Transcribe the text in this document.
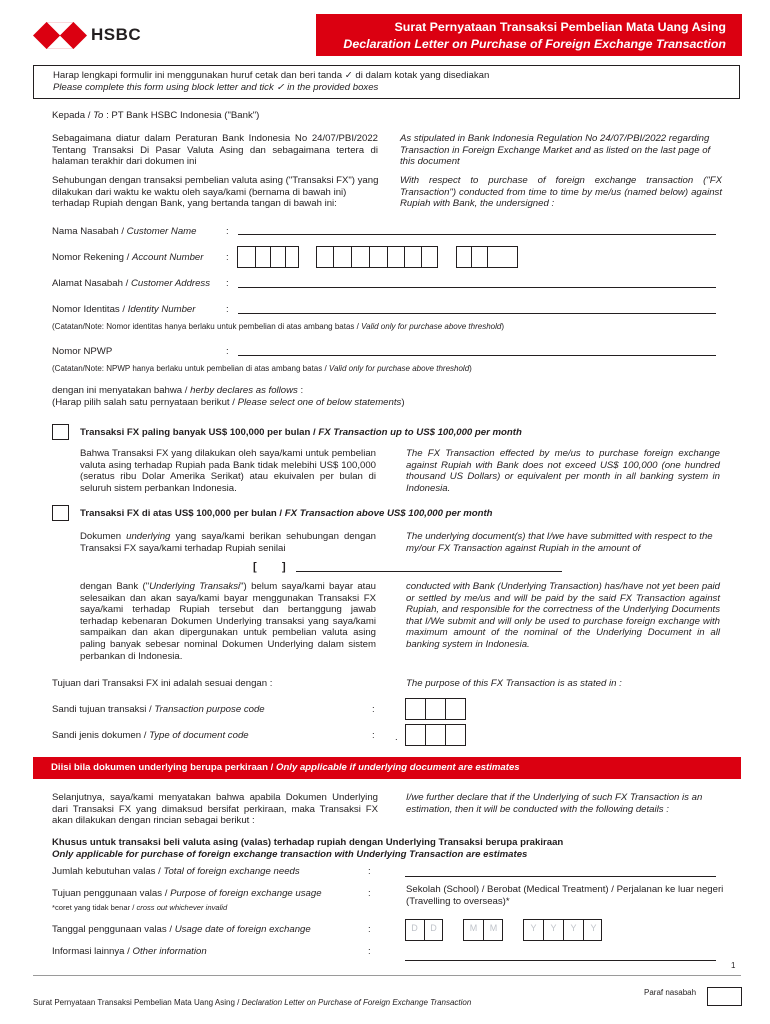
HSBC	Surat Pernyataan Transaksi Pembelian Mata Uang Asing
Declaration Letter on Purchase of Foreign Exchange Transaction
Harap lengkapi formulir ini menggunakan huruf cetak dan beri tanda ✓ di dalam kotak yang disediakan
Please complete this form using block letter and tick ✓ in the provided boxes
Kepada / To : PT Bank HSBC Indonesia ("Bank")
Sebagaimana diatur dalam Peraturan Bank Indonesia No 24/07/PBI/2022 Tentang Transaksi Di Pasar Valuta Asing dan sebagaimana tertera di halaman terakhir dari dokumen ini
As stipulated in Bank Indonesia Regulation No 24/07/PBI/2022 regarding Transaction in Foreign Exchange Market and as listed on the last page of this document
Sehubungan dengan transaksi pembelian valuta asing ("Transaksi FX") yang dilakukan dari waktu ke waktu oleh saya/kami (bernama di bawah ini) terhadap Rupiah dengan Bank, yang bertanda tangan di bawah ini:
With respect to purchase of foreign exchange transaction ("FX Transaction") conducted from time to time by me/us (named below) against Rupiah with Bank, the undersigned :
Nama Nasabah / Customer Name	:
Nomor Rekening / Account Number :
Alamat Nasabah / Customer Address :
Nomor Identitas / Identity Number	:
(Catatan/Note: Nomor identitas hanya berlaku untuk pembelian di atas ambang batas / Valid only for purchase above threshold)
Nomor NPWP	:
(Catatan/Note: NPWP hanya berlaku untuk pembelian di atas ambang batas / Valid only for purchase above threshold)
dengan ini menyatakan bahwa / herby declares as follows :
(Harap pilih salah satu pernyataan berikut / Please select one of below statements)
Transaksi FX paling banyak US$ 100,000 per bulan / FX Transaction up to US$ 100,000 per month
Bahwa Transaksi FX yang dilakukan oleh saya/kami untuk pembelian valuta asing terhadap Rupiah pada Bank tidak melebihi US$ 100,000 (seratus ribu Dolar Amerika Serikat) atau ekuivalen per bulan di seluruh sistem perbankan Indonesia.
The FX Transaction effected by me/us to purchase foreign exchange against Rupiah with Bank does not exceed US$ 100,000 (one hundred thousand US Dollars) or equivalent per month in all banking system in Indonesia.
Transaksi FX di atas US$ 100,000 per bulan / FX Transaction above US$ 100,000 per month
Dokumen underlying yang saya/kami berikan sehubungan dengan Transaksi FX saya/kami terhadap Rupiah senilai
The underlying document(s) that I/we have submitted with respect to the my/our FX Transaction against Rupiah in the amount of
[ ]
dengan Bank ("Underlying Transaksi") belum saya/kami bayar atau selesaikan dan akan saya/kami bayar menggunakan Transaksi FX saya/kami terhadap Rupiah tersebut dan bertanggung jawab terhadap kebenaran Dokumen Underlying transaksi yang saya/kami sampaikan dan akan dipergunakan untuk pembelian valuta asing paling banyak sebesar nominal Dokumen Underlying dalam sistem perbankan di Indonesia.
conducted with Bank (Underlying Transaction) has/have not yet been paid or settled by me/us and will be paid by the said FX Transaction against Rupiah, and responsible for the correctness of the Underlying Documents that I/We submit and will only be used to purchase foreign exchange with maximum amount of the nominal of the Underlying Document in all banking system in Indonesia.
Tujuan dari Transaksi FX ini adalah sesuai dengan :	The purpose of this FX Transaction is as stated in :
Sandi tujuan transaksi / Transaction purpose code	:
Sandi jenis dokumen / Type of document code	: .
Diisi bila dokumen underlying berupa perkiraan / Only applicable if underlying document are estimates
Selanjutnya, saya/kami menyatakan bahwa apabila Dokumen Underlying dari Transaksi FX yang dimaksud bersifat perkiraan, maka Transaksi FX akan dilakukan dengan rincian sebagai berikut :
I/we further declare that if the Underlying of such FX Transaction is an estimation, then it will be conducted with the following details :
Khusus untuk transaksi beli valuta asing (valas) terhadap rupiah dengan Underlying Transaksi berupa prakiraan
Only applicable for purchase of foreign exchange transaction with Underlying Transaction are estimates
Jumlah kebutuhan valas / Total of foreign exchange needs	:
Tujuan penggunaan valas / Purpose of foreign exchange usage	:	Sekolah (School) / Berobat (Medical Treatment) / Perjalanan ke luar negeri (Travelling to overseas)*
*coret yang tidak benar / cross out whichever invalid
Tanggal penggunaan valas / Usage date of foreign exchange	:	D	D	M	M	Y	Y	Y	Y
Informasi lainnya / Other information	:
1
Paraf nasabah
Surat Pernyataan Transaksi Pembelian Mata Uang Asing / Declaration Letter on Purchase of Foreign Exchange Transaction
